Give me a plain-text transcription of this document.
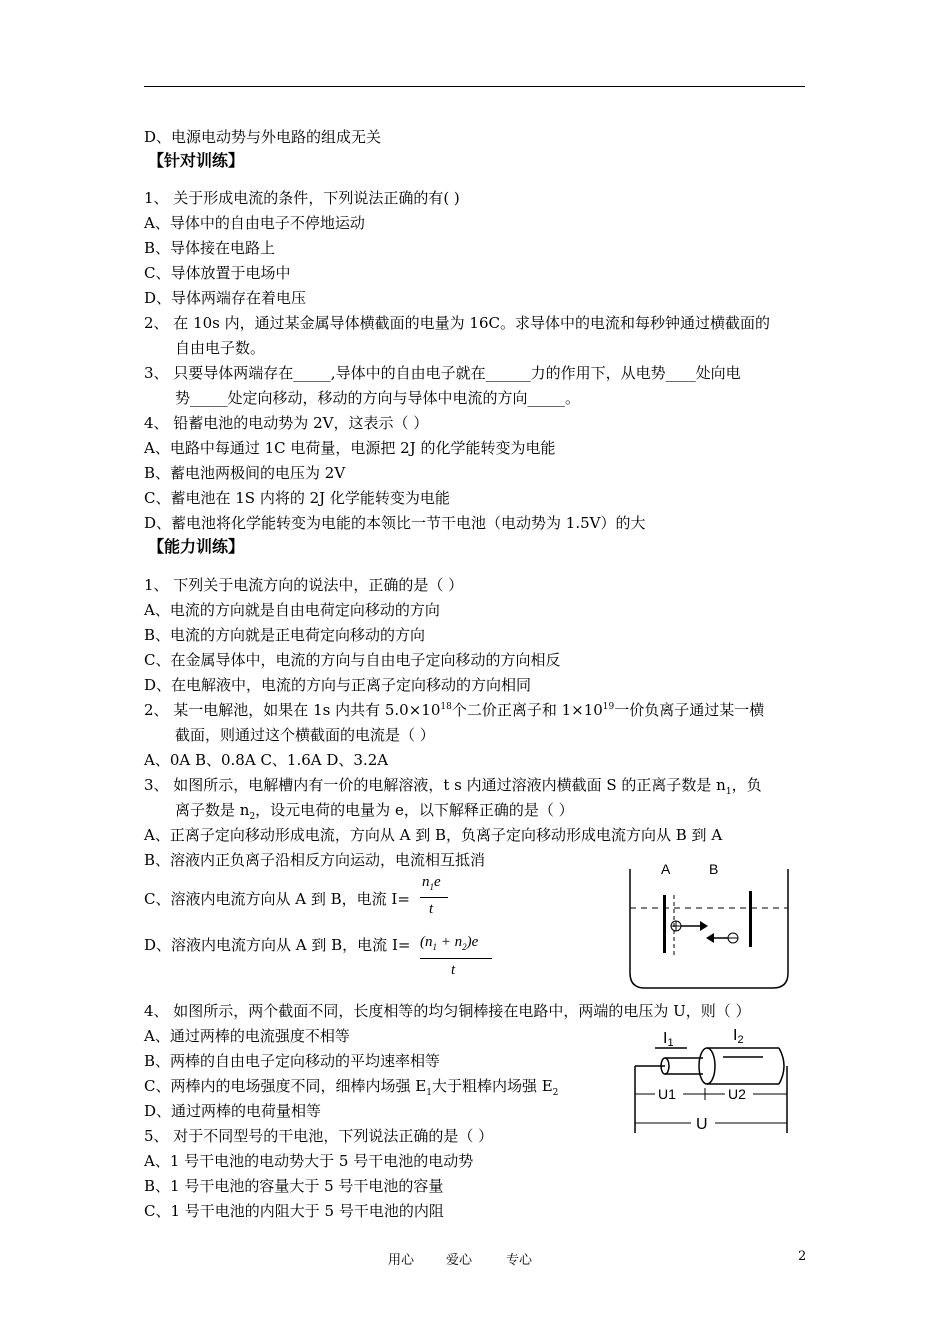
D、电源电动势与外电路的组成无关
【针对训练】
1、 关于形成电流的条件，下列说法正确的有( )
A、导体中的自由电子不停地运动
B、导体接在电路上
C、导体放置于电场中
D、导体两端存在着电压
2、 在 10s 内，通过某金属导体横截面的电量为 16C。求导体中的电流和每秒钟通过横截面的
自由电子数。
3、 只要导体两端存在_____,导体中的自由电子就在______力的作用下，从电势____处向电
势_____处定向移动，移动的方向与导体中电流的方向_____。
4、 铅蓄电池的电动势为 2V，这表示（ ）
A、电路中每通过 1C 电荷量，电源把 2J 的化学能转变为电能
B、蓄电池两极间的电压为 2V
C、蓄电池在 1S 内将的 2J 化学能转变为电能
D、蓄电池将化学能转变为电能的本领比一节干电池（电动势为 1.5V）的大
【能力训练】
1、 下列关于电流方向的说法中，正确的是（ ）
A、电流的方向就是自由电荷定向移动的方向
B、电流的方向就是正电荷定向移动的方向
C、在金属导体中，电流的方向与自由电子定向移动的方向相反
D、在电解液中，电流的方向与正离子定向移动的方向相同
2、 某一电解池，如果在 1s 内共有 $5.0\times 10^{18}$个二价正离子和 $1\times 10^{19}$一价负离子通过某一横
截面，则通过这个横截面的电流是（ ）
A、0A B、0.8A C、1.6A D、3.2A
3、 如图所示，电解槽内有一价的电解溶液，t s 内通过溶液内横截面 S 的正离子数是 $n_1$，负
离子数是 $n_2$，设元电荷的电量为 e，以下解释正确的是（ ）
A、正离子定向移动形成电流，方向从 A 到 B，负离子定向移动形成电流方向从 B 到 A
B、溶液内正负离子沿相反方向运动，电流相互抵消
C、溶液内电流方向从 A 到 B，电流 I=
$n_1e$
t
D、溶液内电流方向从 A 到 B，电流 $I= (n_1 + n_2)e$
t
A	B
4、 如图所示，两个截面不同，长度相等的均匀铜棒接在电路中，两端的电压为 U，则（ ）
A、通过两棒的电流强度不相等
B、两棒的自由电子定向移动的平均速率相等
C、两棒内的电场强度不同，细棒内场强 $E_1$大于粗棒内场强 $E_2$
D、通过两棒的电荷量相等
I1	I2
U1	U2
U
5、 对于不同型号的干电池，下列说法正确的是（ ）
A、1 号干电池的电动势大于 5 号干电池的电动势
B、1 号干电池的容量大于 5 号干电池的容量
C、1 号干电池的内阻大于 5 号干电池的内阻
用心 爱心	专心	2
